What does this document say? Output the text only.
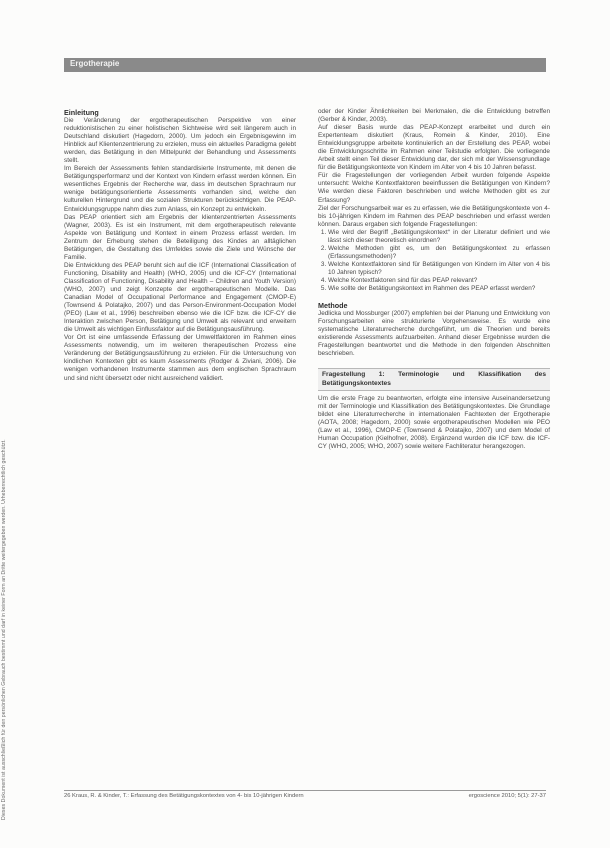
Ergotherapie
Dieses Dokument ist ausschließlich für den persönlichen Gebrauch bestimmt und darf in keiner Form an Dritte weitergegeben werden. Urheberrechtlich geschützt.
Einleitung

Die Veränderung der ergotherapeutischen Perspektive von einer reduktionistischen zu einer holistischen Sichtweise wird seit längerem auch in Deutschland diskutiert (Hagedorn, 2000). Um jedoch ein Ergebnisgewinn im Hinblick auf Klientenzentrierung zu erzielen, muss ein aktuelles Paradigma gelebt werden, das Betätigung in den Mittelpunkt der Behandlung und Assessments stellt.

Im Bereich der Assessments fehlen standardisierte Instrumente, mit denen die Betätigungsperformanz und der Kontext von Kindern erfasst werden können. Ein wesentliches Ergebnis der Recherche war, dass im deutschen Sprachraum nur wenige betätigungsorientierte Assessments vorhanden sind, welche den kulturellen Hintergrund und die sozialen Strukturen berücksichtigen. Die PEAP-Entwicklungsgruppe nahm dies zum Anlass, ein Konzept zu entwickeln.

Das PEAP orientiert sich am Ergebnis der klientenzentrierten Assessments (Wagner, 2003). Es ist ein Instrument, mit dem ergotherapeutisch relevante Aspekte von Betätigung und Kontext in einem Prozess erfasst werden. Im Zentrum der Erhebung stehen die Beteiligung des Kindes an alltäglichen Betätigungen, die Gestaltung des Umfeldes sowie die Ziele und Wünsche der Familie.

Die Entwicklung des PEAP beruht sich auf die ICF (International Classification of Functioning, Disability and Health) (WHO, 2005) und die ICF-CY (International Classification of Functioning, Disability and Health – Children and Youth Version) (WHO, 2007) und zeigt Konzepte der ergotherapeutischen Modelle. Das Canadian Model of Occupational Performance and Engagement (CMOP-E) (Townsend & Polatajko, 2007) und das Person-Environment-Occupation Model (PEO) (Law et al., 1996) beschreiben ebenso wie die ICF bzw. die ICF-CY die Interaktion zwischen Person, Betätigung und Umwelt als relevant und erweitern die Umwelt als wichtigen Einflussfaktor auf die Betätigungsausführung.

Vor Ort ist eine umfassende Erfassung der Umweltfaktoren im Rahmen eines Assessments notwendig, um im weiteren therapeutischen Prozess eine Veränderung der Betätigungsausführung zu erzielen. Für die Untersuchung von kindlichen Kontexten gibt es kaum Assessments (Rodger & Ziviani, 2006). Die wenigen vorhandenen Instrumente stammen aus dem englischen Sprachraum und sind nicht übersetzt oder nicht ausreichend validiert.

oder der Kinder Ähnlichkeiten bei Merkmalen, die die Entwicklung betreffen (Gerber & Kinder, 2003).

Auf dieser Basis wurde das PEAP-Konzept erarbeitet und durch ein Expertenteam diskutiert (Kraus, Romein & Kinder, 2010). Eine Entwicklungsgruppe arbeitete kontinuierlich an der Erstellung des PEAP, wobei die Entwicklungsschritte im Rahmen einer Teilstudie erfolgten. Die vorliegende Arbeit stellt einen Teil dieser Entwicklung dar, der sich mit der Wissensgrundlage für die Betätigungskontexte von Kindern im Alter von 4 bis 10 Jahren befasst.

Für die Fragestellungen der vorliegenden Arbeit wurden folgende Aspekte untersucht: Welche Kontextfaktoren beeinflussen die Betätigungen von Kindern? Wie werden diese Faktoren beschrieben und welche Methoden gibt es zur Erfassung?

Ziel der Forschungsarbeit war es zu erfassen, wie die Betätigungskontexte von 4- bis 10-jährigen Kindern im Rahmen des PEAP beschrieben und erfasst werden können. Daraus ergaben sich folgende Fragestellungen:

1. Wie wird der Begriff „Betätigungskontext“ in der Literatur definiert und wie lässt sich dieser theoretisch einordnen?
2. Welche Methoden gibt es, um den Betätigungskontext zu erfassen (Erfassungsmethoden)?
3. Welche Kontextfaktoren sind für Betätigungen von Kindern im Alter von 4 bis 10 Jahren typisch?
4. Welche Kontextfaktoren sind für das PEAP relevant?
5. Wie sollte der Betätigungskontext im Rahmen des PEAP erfasst werden?
Methode

Jedlicka und Mossburger (2007) empfehlen bei der Planung und Entwicklung von Forschungsarbeiten eine strukturierte Vorgehensweise. Es wurde eine systematische Literaturrecherche durchgeführt, um die Theorien und bereits existierende Assessments aufzuarbeiten. Anhand dieser Ergebnisse wurden die Fragestellungen beantwortet und die Methode in den folgenden Abschnitten beschrieben.

Fragestellung 1: Terminologie und Klassifikation des Betätigungskontextes

Um die erste Frage zu beantworten, erfolgte eine intensive Auseinandersetzung mit der Terminologie und Klassifikation des Betätigungskontextes. Die Grundlage bildet eine Literaturrecherche in internationalen Fachtexten der Ergotherapie (AOTA, 2008; Hagedorn, 2000) sowie ergotherapeutischen Modellen wie PEO (Law et al., 1996), CMOP-E (Townsend & Polatajko, 2007) und dem Model of Human Occupation (Kielhofner, 2008). Ergänzend wurden die ICF bzw. die ICF-CY (WHO, 2005; WHO, 2007) sowie weitere Fachliteratur herangezogen.

26 Kraus, R. & Kinder, T.: Erfassung des Betätigungskontextes von 4- bis 10-jährigen Kindern	ergoscience 2010; 5(1): 27-37
